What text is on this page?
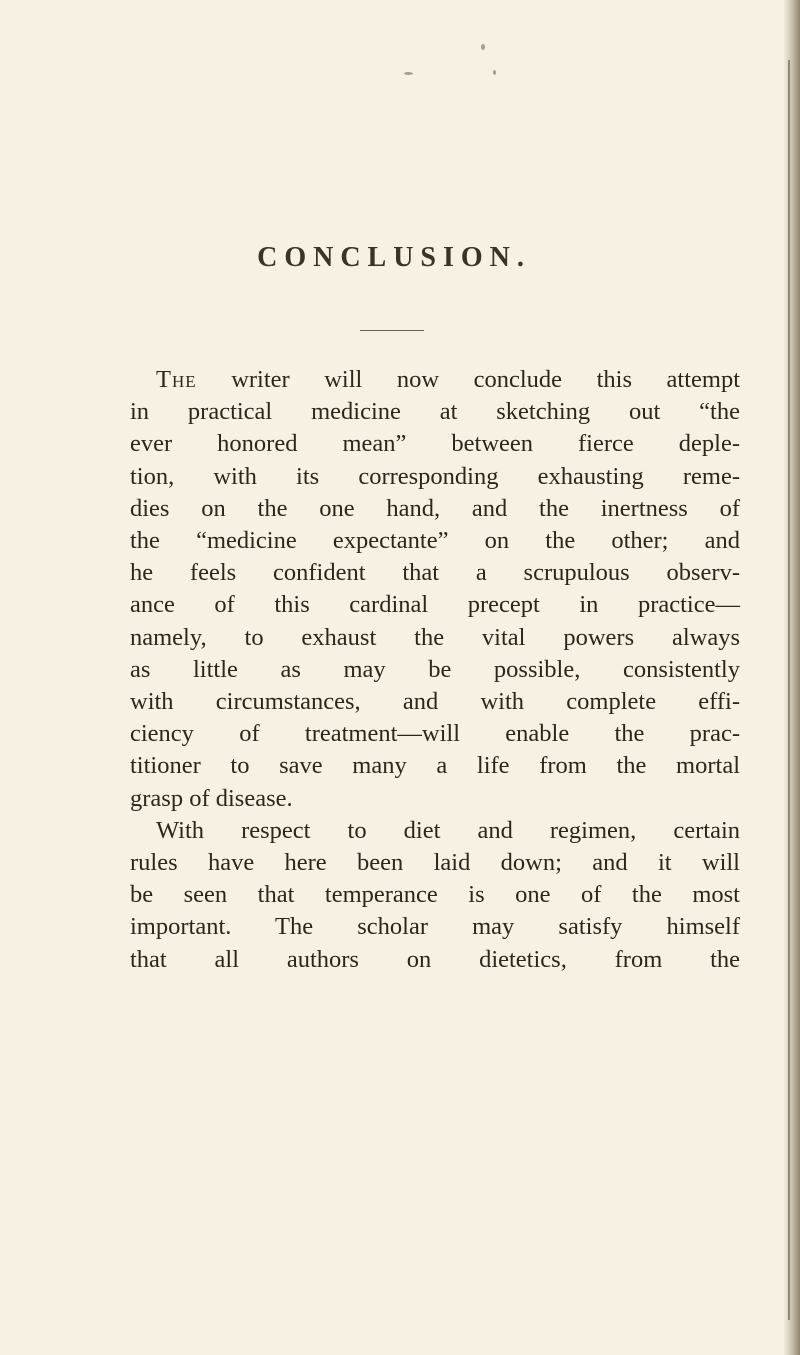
CONCLUSION.
The writer will now conclude this attempt
in practical medicine at sketching out “the
ever honored mean” between fierce deple-
tion, with its corresponding exhausting reme-
dies on the one hand, and the inertness of
the “medicine expectante” on the other; and
he feels confident that a scrupulous observ-
ance of this cardinal precept in practice—
namely, to exhaust the vital powers always
as little as may be possible, consistently
with circumstances, and with complete effi-
ciency of treatment—will enable the prac-
titioner to save many a life from the mortal
grasp of disease.
With respect to diet and regimen, certain
rules have here been laid down; and it will
be seen that temperance is one of the most
important. The scholar may satisfy himself
that all authors on dietetics, from the
